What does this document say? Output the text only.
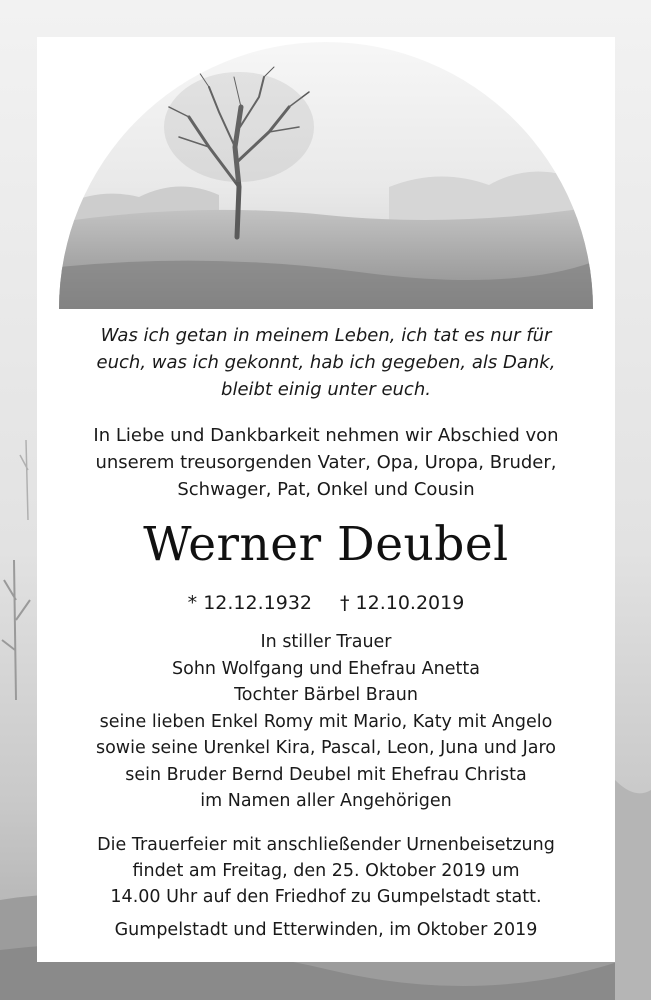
Was ich getan in meinem Leben, ich tat es nur für
euch, was ich gekonnt, hab ich gegeben, als Dank,
bleibt einig unter euch.
In Liebe und Dankbarkeit nehmen wir Abschied von
unserem treusorgenden Vater, Opa, Uropa, Bruder,
Schwager, Pat, Onkel und Cousin
Werner Deubel
* 12.12.1932 † 12.10.2019
In stiller Trauer
Sohn Wolfgang und Ehefrau Anetta
Tochter Bärbel Braun
seine lieben Enkel Romy mit Mario, Katy mit Angelo
sowie seine Urenkel Kira, Pascal, Leon, Juna und Jaro
sein Bruder Bernd Deubel mit Ehefrau Christa
im Namen aller Angehörigen
Die Trauerfeier mit anschließender Urnenbeisetzung
findet am Freitag, den 25. Oktober 2019 um
14.00 Uhr auf den Friedhof zu Gumpelstadt statt.
Gumpelstadt und Etterwinden, im Oktober 2019
